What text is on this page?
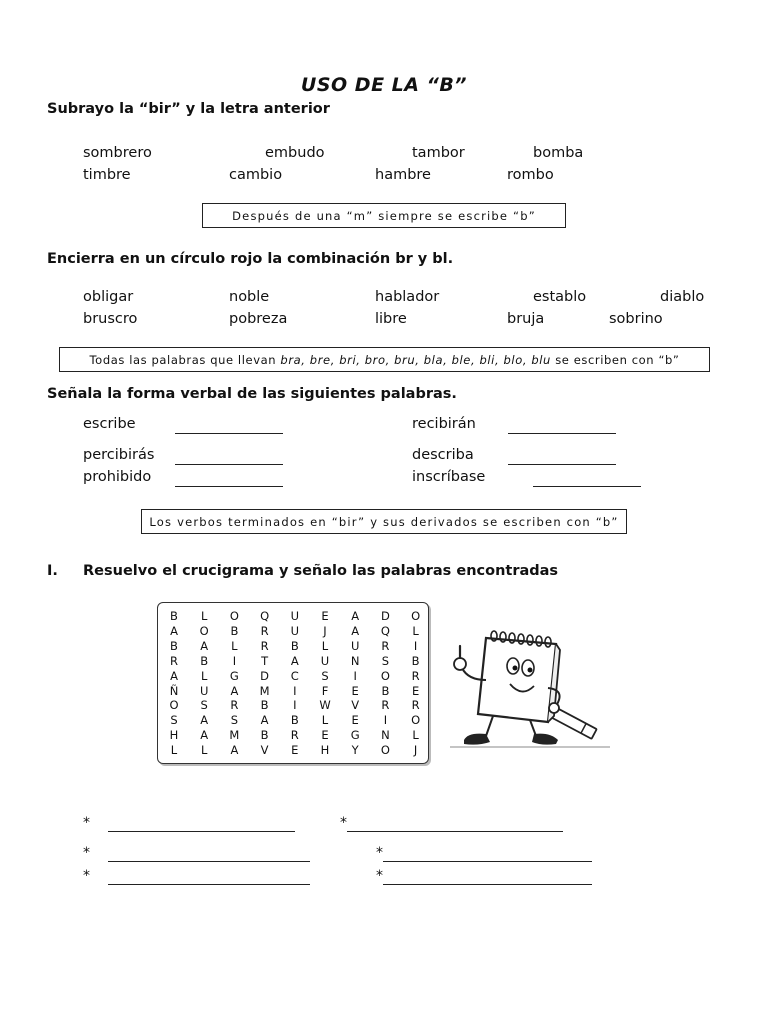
USO DE LA “B”
Subrayo la “bir” y la letra anterior
sombrero	embudo	tambor	bomba
timbre	cambio	hambre	rombo
Después de una “m” siempre se escribe “b”
Encierra en un círculo rojo la combinación br y bl.
obligar	noble	hablador	establo	diablo
bruscro	pobreza	libre	bruja	sobrino
Todas las palabras que llevan
bra, bre, bri, bro, bru, bla, ble, bli, blo, blu
se escriben con “b”
Señala la forma verbal de las siguientes palabras.
escribe	recibirán
percibirás	describa
prohibido	inscríbase
Los verbos terminados en “bir” y sus derivados se escriben con “b”
I. Resuelvo el crucigrama y señalo las palabras encontradas
B	L	O Q U E A D O
A O B R U	J	A Q	L
B A	L	R B	L	U R	I
R B	I	T	A U N S B
A	L	G D C S	I	O R
Ñ U A M	I	F	E B E
O S R B	I	W V R R
S A S A B	L	E	I	O
H A M B R E G N	L
L	L	A V E H	Y	O	J
*	*
*	*
*	*
